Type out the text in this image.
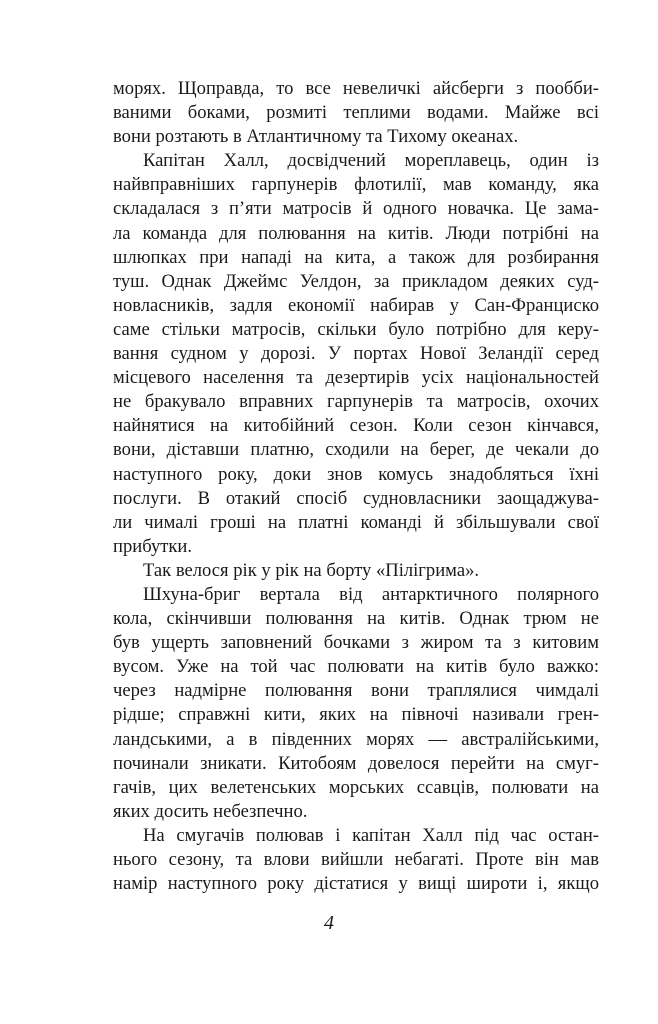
морях. Щоправда, то все невеличкі айсберги з пообби-
ваними боками, розмиті теплими водами. Майже всі
вони розтають в Атлантичному та Тихому океанах.
Капітан Халл, досвідчений мореплавець, один із
найвправніших гарпунерів флотилії, мав команду, яка
складалася з п’яти матросів й одного новачка. Це зама-
ла команда для полювання на китів. Люди потрібні на
шлюпках при нападі на кита, а також для розбирання
туш. Однак Джеймс Уелдон, за прикладом деяких суд-
новласників, задля економії набирав у Сан-Франциско
саме стільки матросів, скільки було потрібно для керу-
вання судном у дорозі. У портах Нової Зеландії серед
місцевого населення та дезертирів усіх національностей
не бракувало вправних гарпунерів та матросів, охочих
найнятися на китобійний сезон. Коли сезон кінчався,
вони, діставши платню, сходили на берег, де чекали до
наступного року, доки знов комусь знадобляться їхні
послуги. В отакий спосіб судновласники заощаджува-
ли чималі гроші на платні команді й збільшували свої
прибутки.
Так велося рік у рік на борту «Пілігрима».
Шхуна-бриг вертала від антарктичного полярного
кола, скінчивши полювання на китів. Однак трюм не
був ущерть заповнений бочками з жиром та з китовим
вусом. Уже на той час полювати на китів було важко:
через надмірне полювання вони траплялися чимдалі
рідше; справжні кити, яких на півночі називали грен-
ландськими, а в південних морях — австралійськими,
починали зникати. Китобоям довелося перейти на смуг-
гачів, цих велетенських морських ссавців, полювати на
яких досить небезпечно.
На смугачів полював і капітан Халл під час остан-
нього сезону, та влови вийшли небагаті. Проте він мав
намір наступного року дістатися у вищі широти і, якщо
4
